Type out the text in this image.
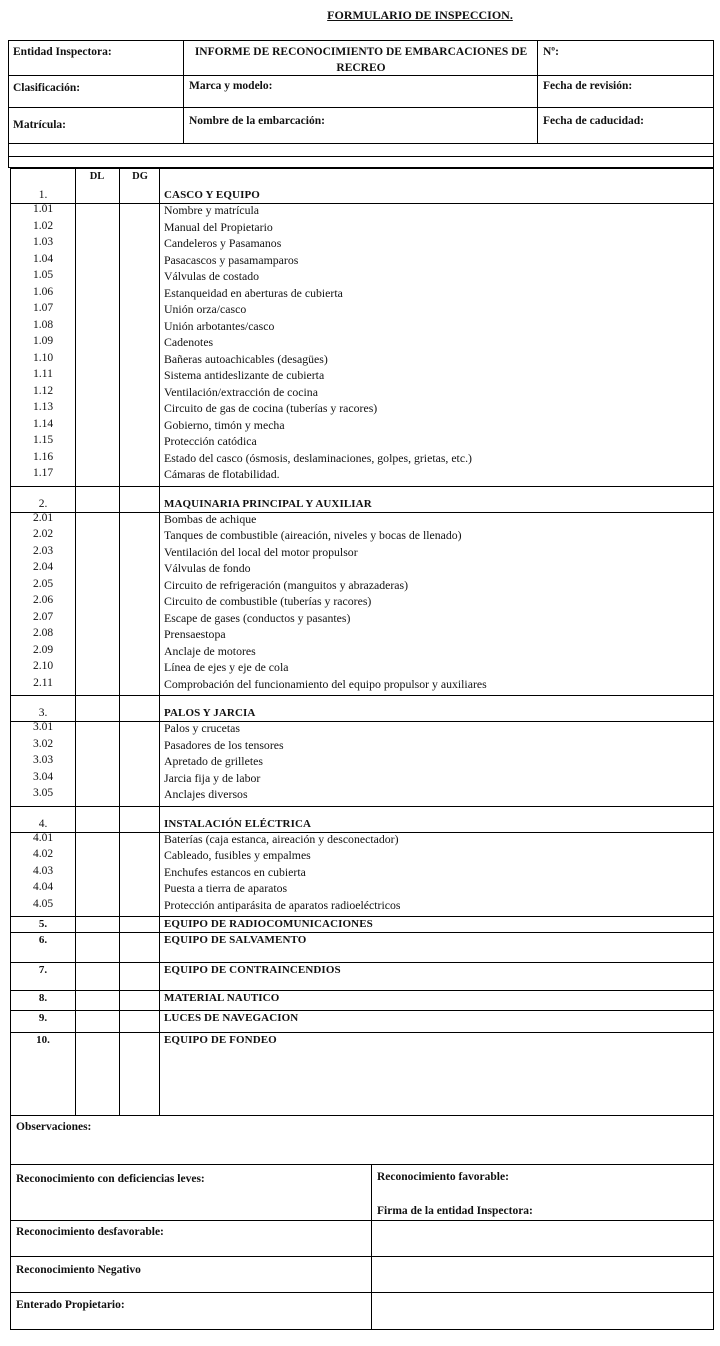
FORMULARIO DE INSPECCION.
Entidad Inspectora:	INFORME DE RECONOCIMIENTO DE EMBARCACIONES DE
RECREO
Nº:
Clasificación:	Marca y modelo:	Fecha de revisión:
Matrícula:	Nombre de la embarcación:	Fecha de caducidad:
DL	DG
1.	CASCO Y EQUIPO
1.01	Nombre y matrícula
1.02	Manual del Propietario
1.03	Candeleros y Pasamanos
1.04	Pasacascos y pasamamparos
1.05	Válvulas de costado
1.06	Estanqueidad en aberturas de cubierta
1.07	Unión orza/casco
1.08	Unión arbotantes/casco
1.09	Cadenotes
1.10	Bañeras autoachicables (desagües)
1.11	Sistema antideslizante de cubierta
1.12	Ventilación/extracción de cocina
1.13	Circuito de gas de cocina (tuberías y racores)
1.14	Gobierno, timón y mecha
1.15	Protección catódica
1.16	Estado del casco (ósmosis, deslaminaciones, golpes, grietas, etc.)
1.17	Cámaras de flotabilidad.
2.	MAQUINARIA PRINCIPAL Y AUXILIAR
2.01	Bombas de achique
2.02	Tanques de combustible (aireación, niveles y bocas de llenado)
2.03	Ventilación del local del motor propulsor
2.04	Válvulas de fondo
2.05	Circuito de refrigeración (manguitos y abrazaderas)
2.06	Circuito de combustible (tuberías y racores)
2.07	Escape de gases (conductos y pasantes)
2.08	Prensaestopa
2.09	Anclaje de motores
2.10	Línea de ejes y eje de cola
2.11	Comprobación del funcionamiento del equipo propulsor y auxiliares
3.	PALOS Y JARCIA
3.01	Palos y crucetas
3.02	Pasadores de los tensores
3.03	Apretado de grilletes
3.04	Jarcia fija y de labor
3.05	Anclajes diversos
4.	INSTALACIÓN ELÉCTRICA
4.01	Baterías (caja estanca, aireación y desconectador)
4.02	Cableado, fusibles y empalmes
4.03	Enchufes estancos en cubierta
4.04	Puesta a tierra de aparatos
4.05	Protección antiparásita de aparatos radioeléctricos
5.	EQUIPO DE RADIOCOMUNICACIONES
6.	EQUIPO DE SALVAMENTO
7.	EQUIPO DE CONTRAINCENDIOS
8.	MATERIAL NAUTICO
9.	LUCES DE NAVEGACION
10.	EQUIPO DE FONDEO
Observaciones:
Reconocimiento con deficiencias leves:	Reconocimiento favorable:
Firma de la entidad Inspectora:
Reconocimiento desfavorable:
Reconocimiento Negativo
Enterado Propietario:
